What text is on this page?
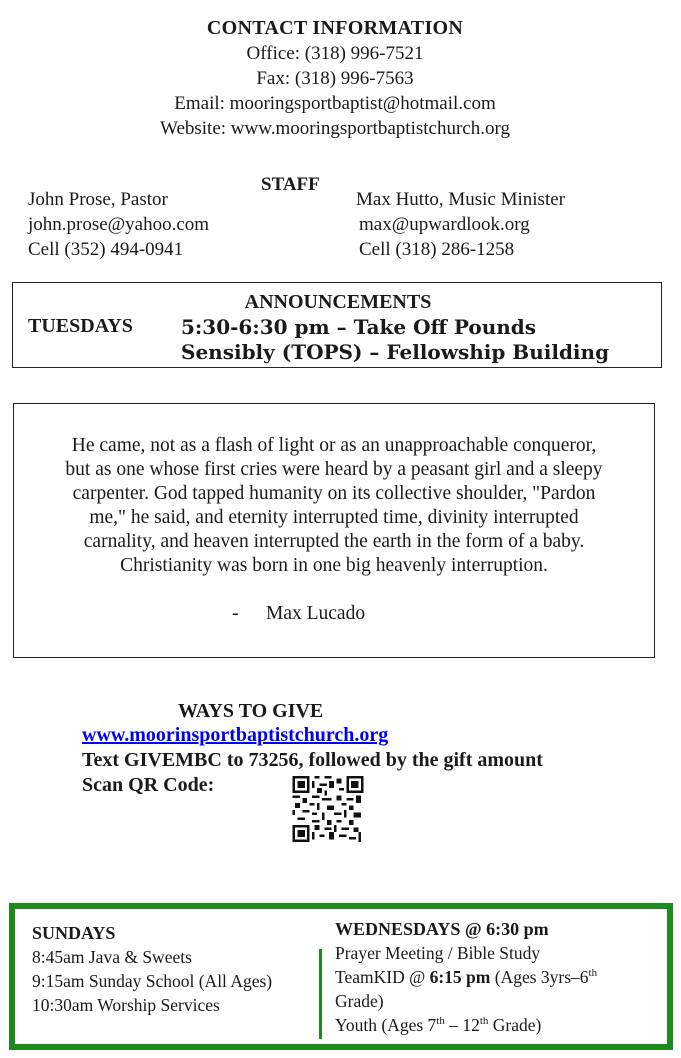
CONTACT INFORMATION
Office: (318) 996-7521
Fax: (318) 996-7563
Email: mooringsportbaptist@hotmail.com
Website: www.mooringsportbaptistchurch.org
STAFF
John Prose, Pastor
john.prose@yahoo.com
Cell (352) 494-0941
Max Hutto, Music Minister
max@upwardlook.org
Cell (318) 286-1258
ANNOUNCEMENTS
TUESDAYS 5:30-6:30 pm – Take Off Pounds
Sensibly (TOPS) – Fellowship Building
He came, not as a flash of light or as an unapproachable conqueror,
but as one whose first cries were heard by a peasant girl and a sleepy
carpenter. God tapped humanity on its collective shoulder, "Pardon
me," he said, and eternity interrupted time, divinity interrupted
carnality, and heaven interrupted the earth in the form of a baby.
Christianity was born in one big heavenly interruption.
- Max Lucado
WAYS TO GIVE
www.moorinsportbaptistchurch.org
Text GIVEMBC to 73256, followed by the gift amount
Scan QR Code:
SUNDAYS
8:45am Java & Sweets
9:15am Sunday School (All Ages)
10:30am Worship Services
WEDNESDAYS @ 6:30 pm
Prayer Meeting / Bible Study
TeamKID @ 6:15 pm (Ages 3yrs–6th
Grade)
Youth (Ages 7th – 12th Grade)
